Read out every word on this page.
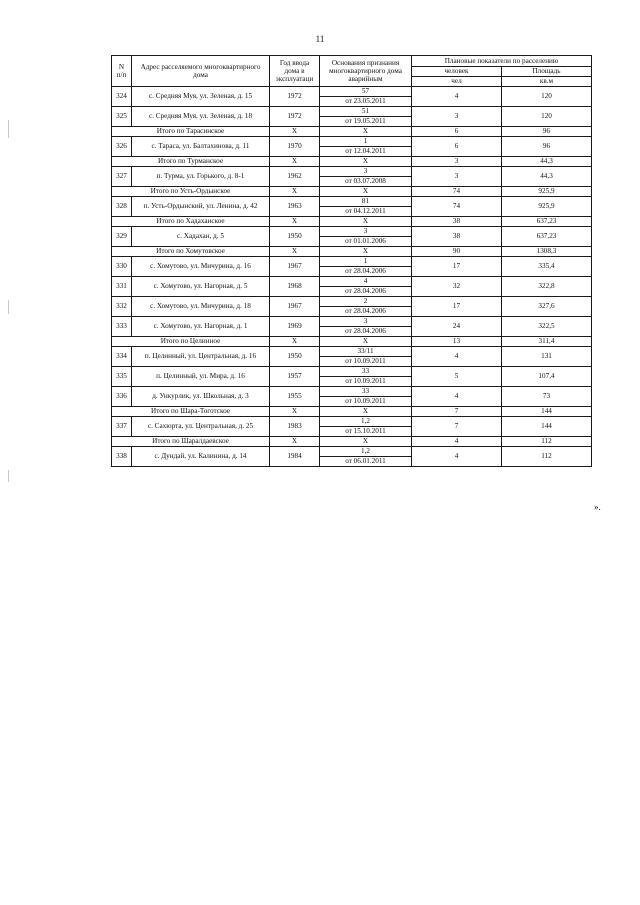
11
N
п/п	Адрес расселяемого многоквартирного дома	Год ввода дома в эксплуатаци	Основания признания многоквартирного дома аварийным	Плановые показатели по расселению	
				человек	Площадь
				чел	кв.м
324	с. Средняя Муя, ул. Зеленая, д. 15	1972	57	4	120
			от 23.05.2011		
325	с. Средняя Муя, ул. Зеленая, д. 18	1972	51	3	120
			от 19.05.2011		
Итого по Тарасинское		Х	Х	6	96
326	с. Тараса, ул. Балтахинова, д. 11	1970	1	6	96
			от 12.04.2011		
Итого по Турманское		Х	Х	3	44,3
327	п. Турма, ул. Горького, д. 8-1	1962	3	3	44,3
			от 03.07.2008		
Итого по Усть-Ордынское		Х	Х	74	925,9
328	п. Усть-Ордынский, ул. Ленина, д. 42	1963	81	74	925,9
			от 04.12.2011		
Итого по Хадаханское		Х	Х	38	637,23
329	с. Хадахан, д. 5	1950	3	38	637,23
			от 01.01.2006		
Итого по Хомутовское		Х	Х	90	1308,3
330	с. Хомутово, ул. Мичурина, д. 16	1967	1	17	335,4
			от 28.04.2006		
331	с. Хомутово, ул. Нагорная, д. 5	1968	4	32	322,8
			от 28.04.2006		
332	с. Хомутово, ул. Мичурина, д. 18	1967	2	17	327,6
			от 28.04.2006		
333	с. Хомутово, ул. Нагорная, д. 1	1969	3	24	322,5
			от 28.04.2006		
Итого по Целинное		Х	Х	13	311,4
334	п. Целинный, ул. Центральная, д. 16	1950	33/11	4	131
			от 10.09.2011		
335	п. Целинный, ул. Мира, д. 16	1957	33	5	107,4
			от 10.09.2011		
336	д. Ункурлик, ул. Школьная, д. 3	1955	33	4	73
			от 10.09.2011		
Итого по Шара-Тоготское		Х	Х	7	144
337	с. Сахюрта, ул. Центральная, д. 25	1983	1,2	7	144
			от 15.10.2011		
Итого по Шаралдаевское		Х	Х	4	112
338	с. Дундай, ул. Калинина, д. 14	1984	1,2	4	112
			от 06.01.2011		
».
